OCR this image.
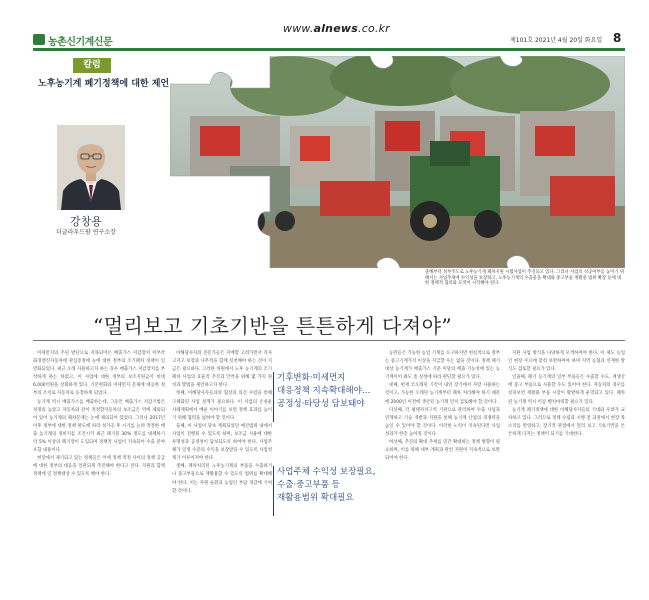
농촌신기계신문
www.alnews.co.kr
제101호 2021년 4월 20일 화요일 8
칼럼
노후농기계 폐기정책에 대한 제언
강창용
더글라우드팜 연구소장
올해부터 정부주도로 노후농기계 폐차지원 시범사업이 추진되고 있다. 그러나 사업의 성공여부를 높이기 위해서는 사업추제에 수익성을 보장하고, 노후농기계의 수출물을 확대와 중고부품 재활용 범위 확장 등에 대한 정책적 협의와 모색이 시작해야 된다.
“멀리보고 기초기반을 튼튼하게 다져야”

미세먼지의 주된 발단으로 지목되어온 배출가스 저감장치 미부착 화경엔진자동차에 관심증정에 눈에 대한 정부의 조기폐차 정책이 일반화되었다. 최근 오래 사용하고자 하는 경우 배출가스 저감장치를 부착하게 하는 하였고, 이 사업에 대한 정부의 보조지원금이 비대 6,000억원을 상회하게 있다. 기본변화와 미세먼지 문제에 대응한 정부의 조치로 자동차로 등장하게 되었다.

농기계 역시 배출가스를 배출하는데, 그동안 배출가스 저감기법은 성정의 높았고 자동차와 같이 적정할자동차의 보조금은 역에 제외되어 있어 농기계의 폐차문제는 논에 제외되어 있었다. 그러나 2017년 이후 정부에 대한 정책 판도에 따라 성가공 후 시기를 늘려 적정한 배출 농기계의 정비지를 조건시키 최근 폐기물 30% 정도를 대체하기 약 5% 이상의 폐기장이 도입되며 정책적 사업이 지속되어 수출 분야 포함 내용이다.

현장에서 제기되고 있는 정책들은 이에 정책 적정 사이의 정책 공급에 대한 정부의 대응을 일관되게 추진해야 한다고 본다. 지원과 함께 정책에 일 정책대상 수 있도록 해야 한다.

이해당사자의 전문가들은 지배할 고려가면서 직사 고지고 보장과 나무적을 함께 실천해야 하는 것이 지금은 필요하다. 그러한 차원에서 노후 농기계의 조기 폐차 사업의 효율적 추진과 안착을 위해 몇 가지 원칙과 방법을 제언하고자 한다.

첫째, 이해당사자들과의 협상과 의견 수렴을 통해 구체화된 사업 설계가 필요하다. 이 사업의 손쉬운 사례계획에서 배운 이야기를 보면 정책 효과를 높이기 위해 협력을 넓혀야 할 것이다.

둘째, 이 사업이 당초 계획되었던 예산범위 내에서 사업이 진행될 수 있도록 하며, 보조금 사용에 대한 투명성과 공정성이 담보되도록 하여야 한다. 사업주체가 일정 수준의 수익을 보장받을 수 있도록 사업설계가 이루어져야 한다.

셋째, 폐차처리된 노후농기계의 부품을 수출하거나 중고부품으로 재활용할 수 있도록 범위를 확대해야 한다. 이는 자원 순환과 농업인 부담 경감에 기여할 것이다.

농민들은 가능한 농업 기계를 요구하지만 현실적으로 정부는 중고기계가격 이상을 지급할 수는 없을 것이다. 정책 폐기대상 농기계가 배출가스 기준 미달의 배출 기능성에 있는 농기계이어 봐도 좀 실정에 따라 판단할 필요가 있다.

넷째, 현재 코오래된 기간이 내연 장기에서 자랑 사용하는 것이고, 가능한 오래된 농기계부터 폐차 처리해야 하기 때문에 2000년 이전에 생산된 농기계 먼저 검토해야 할 것이다.

다섯째, 각 평택자치구역 기관으로 관리하여 수출 사업과 연계하고 기술 개발과 지원을 통해 농기계 산업의 경쟁력을 높일 수 있어야 할 것이다. 이러한 노력이 지속된다면 사업 성과가 한층 높아질 것이다.

여섯째, 추진의 확대 추세를 연간 확대하는 정책 방향이 필요하며, 이를 위해 세부 계획과 관련 지원이 지속적으로 보완되어야 한다.

지원 사업 방식을 다양하게 모색하여야 한다. 이 제도 농업인 현장 수요에 맞춰 보완하여야 하며 지역 농협과 연계한 방식도 검토할 필요가 있다.

일곱째, 폐기 농기계의 일부 부품들은 수출할 수도, 재생산에 중고 부품으로 사용할 수도 있어야 한다. 자동차의 경우를 살펴보면 재활용 부품 시장이 활발하게 운영되고 있다. 폐차된 농기계 역시 이를 벤치마킹할 필요가 있다.

농기계 폐기정책에 대한 이해당사자들의 기대와 우려가 교차하고 있다. 그러므로 정책 수립과 시행 전 과정에서 현장 목소리를 반영하고, 장기적 관점에서 멀리 보고 기초기반을 튼튼하게 다지는 정책이 되기를 기대한다.

기후변화·미세먼지
대응정책 지속확대해야…
공정성·타당성 담보돼야
사업주체 수익성 보장필요,
수출·중고부품 등
재활용범위 확대필요
